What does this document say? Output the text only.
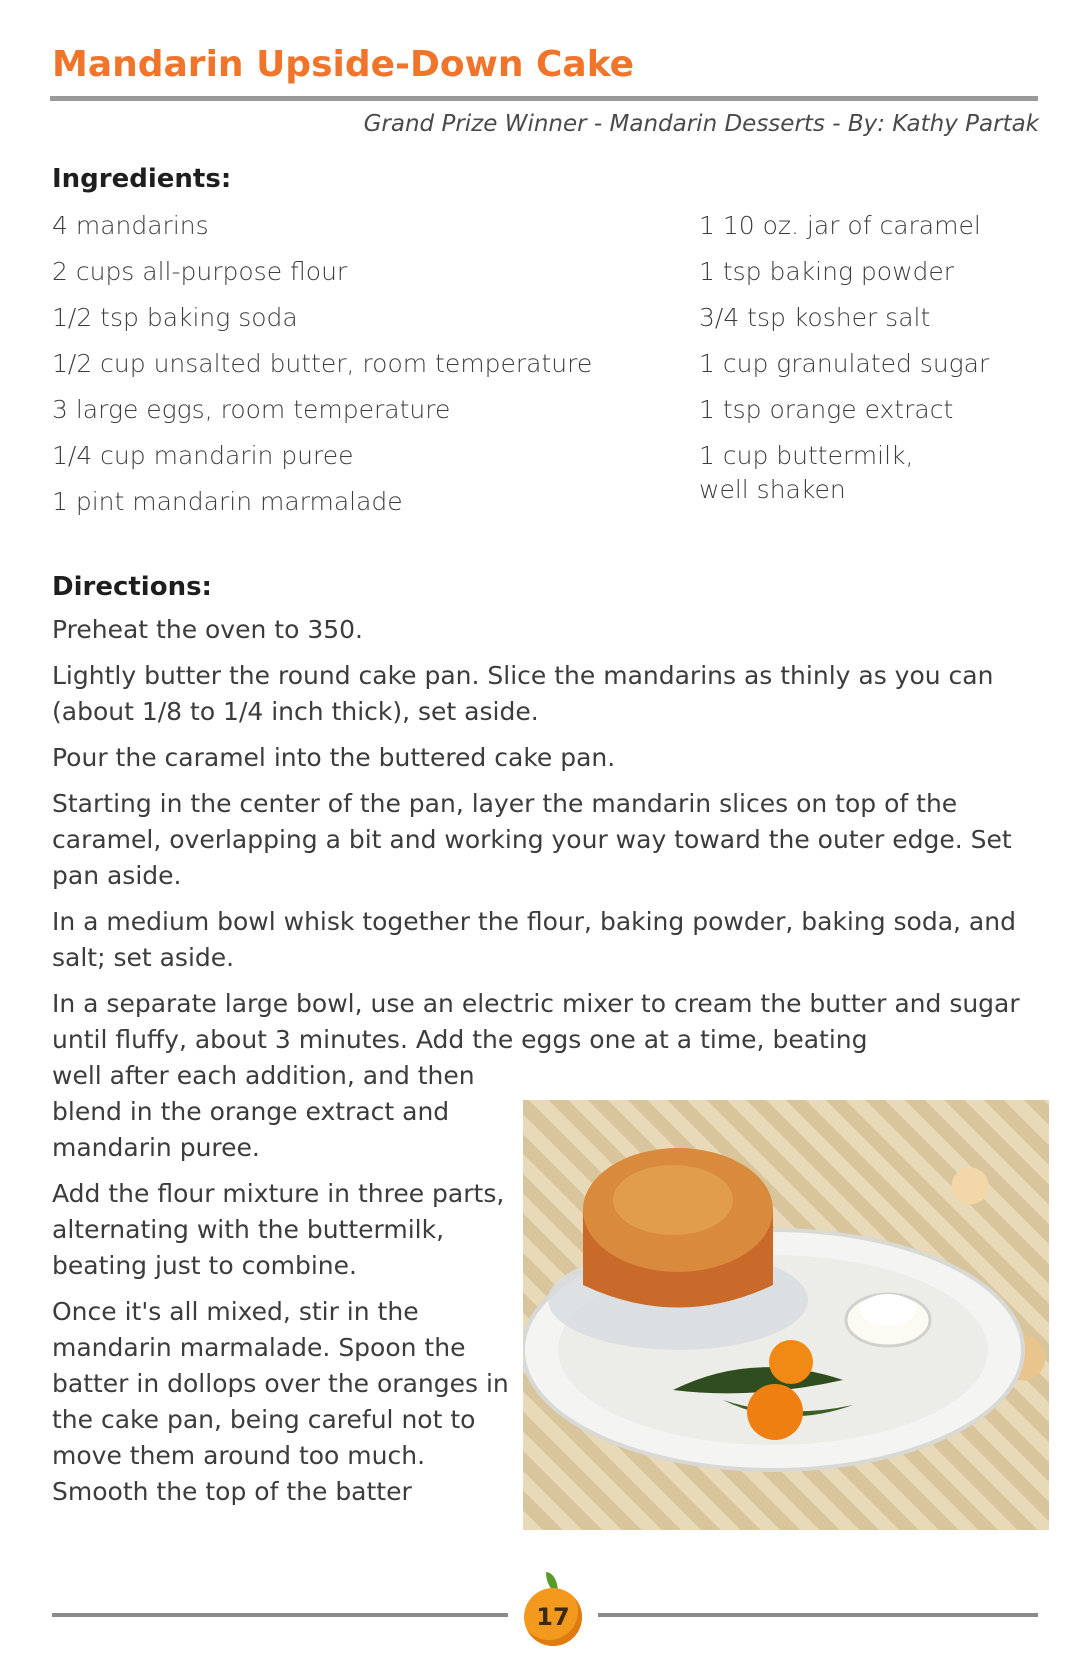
Mandarin Upside-Down Cake
Grand Prize Winner - Mandarin Desserts - By: Kathy Partak
Ingredients:
4 mandarins
2 cups all-purpose flour
1/2 tsp baking soda
1/2 cup unsalted butter, room temperature
3 large eggs, room temperature
1/4 cup mandarin puree
1 pint mandarin marmalade
1 10 oz. jar of caramel
1 tsp baking powder
3/4 tsp kosher salt
1 cup granulated sugar
1 tsp orange extract
1 cup buttermilk,
well shaken
Directions:

Preheat the oven to 350.

Lightly butter the round cake pan. Slice the mandarins as thinly as you can (about 1/8 to 1/4 inch thick), set aside.

Pour the caramel into the buttered cake pan.

Starting in the center of the pan, layer the mandarin slices on top of the caramel, overlapping a bit and working your way toward the outer edge. Set pan aside.

In a medium bowl whisk together the flour, baking powder, baking soda, and salt; set aside.

In a separate large bowl, use an electric mixer to cream the butter and sugar until fluffy, about 3 minutes. Add the eggs one at a time, beating

well after each addition, and then blend in the orange extract and mandarin puree.

Add the flour mixture in three parts, alternating with the buttermilk, beating just to combine.

Once it's all mixed, stir in the mandarin marmalade. Spoon the batter in dollops over the oranges in the cake pan, being careful not to move them around too much. Smooth the top of the batter

17
